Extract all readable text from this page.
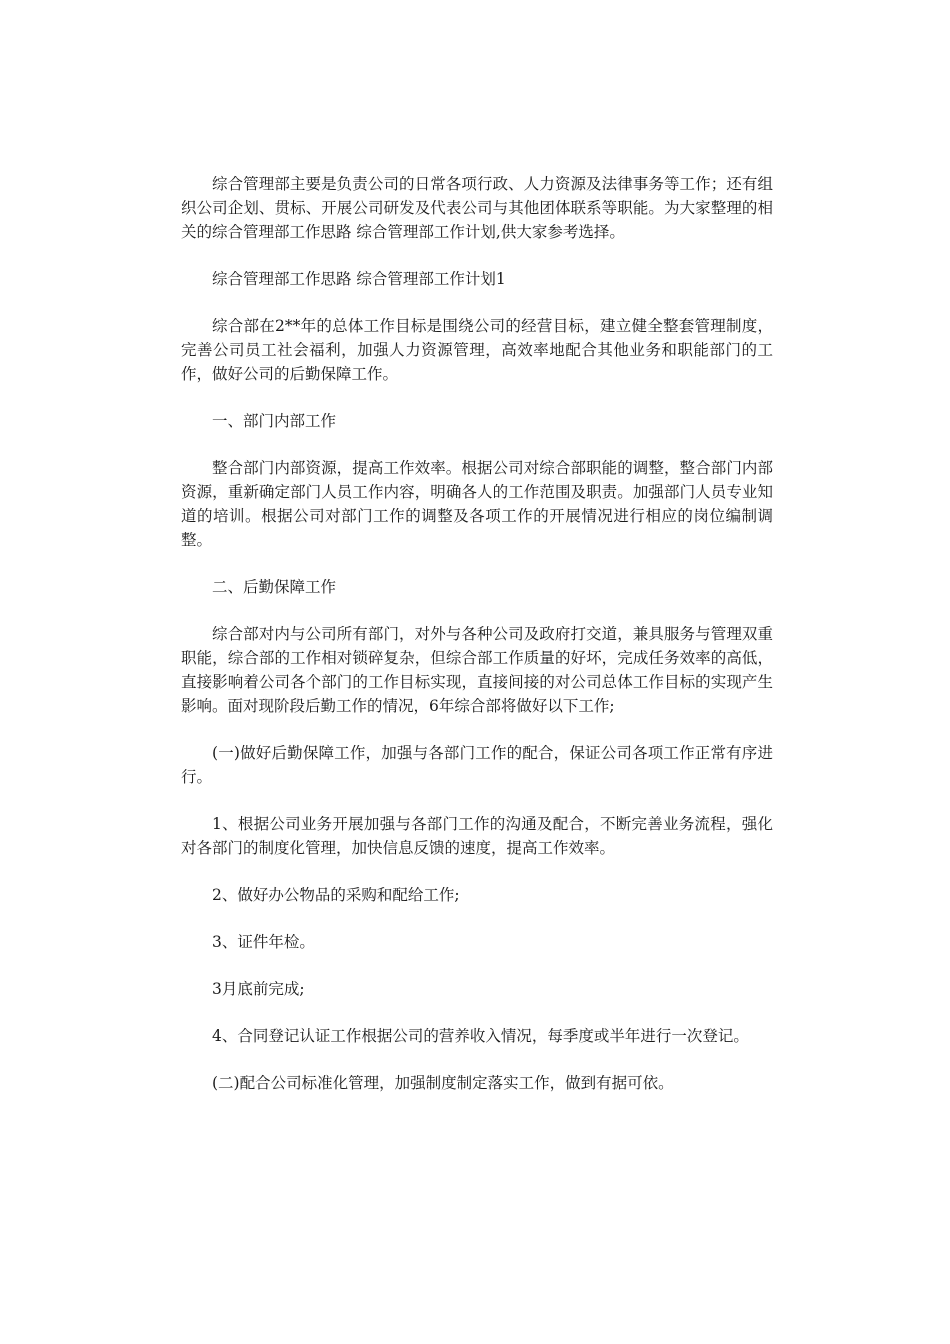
综合管理部主要是负责公司的日常各项行政、人力资源及法律事务等工作；还有组织公司企划、贯标、开展公司研发及代表公司与其他团体联系等职能。为大家整理的相关的综合管理部工作思路 综合管理部工作计划,供大家参考选择。

综合管理部工作思路 综合管理部工作计划1

综合部在2**年的总体工作目标是围绕公司的经营目标，建立健全整套管理制度，完善公司员工社会福利，加强人力资源管理，高效率地配合其他业务和职能部门的工作，做好公司的后勤保障工作。

一、部门内部工作

整合部门内部资源，提高工作效率。根据公司对综合部职能的调整，整合部门内部资源，重新确定部门人员工作内容，明确各人的工作范围及职责。加强部门人员专业知道的培训。根据公司对部门工作的调整及各项工作的开展情况进行相应的岗位编制调整。

二、后勤保障工作

综合部对内与公司所有部门，对外与各种公司及政府打交道，兼具服务与管理双重职能，综合部的工作相对锁碎复杂，但综合部工作质量的好坏，完成任务效率的高低，直接影响着公司各个部门的工作目标实现，直接间接的对公司总体工作目标的实现产生影响。面对现阶段后勤工作的情况，6年综合部将做好以下工作;

(一)做好后勤保障工作，加强与各部门工作的配合，保证公司各项工作正常有序进行。

1、根据公司业务开展加强与各部门工作的沟通及配合，不断完善业务流程，强化对各部门的制度化管理，加快信息反馈的速度，提高工作效率。

2、做好办公物品的采购和配给工作;

3、证件年检。

3月底前完成;

4、合同登记认证工作根据公司的营养收入情况，每季度或半年进行一次登记。

(二)配合公司标准化管理，加强制度制定落实工作，做到有据可依。
